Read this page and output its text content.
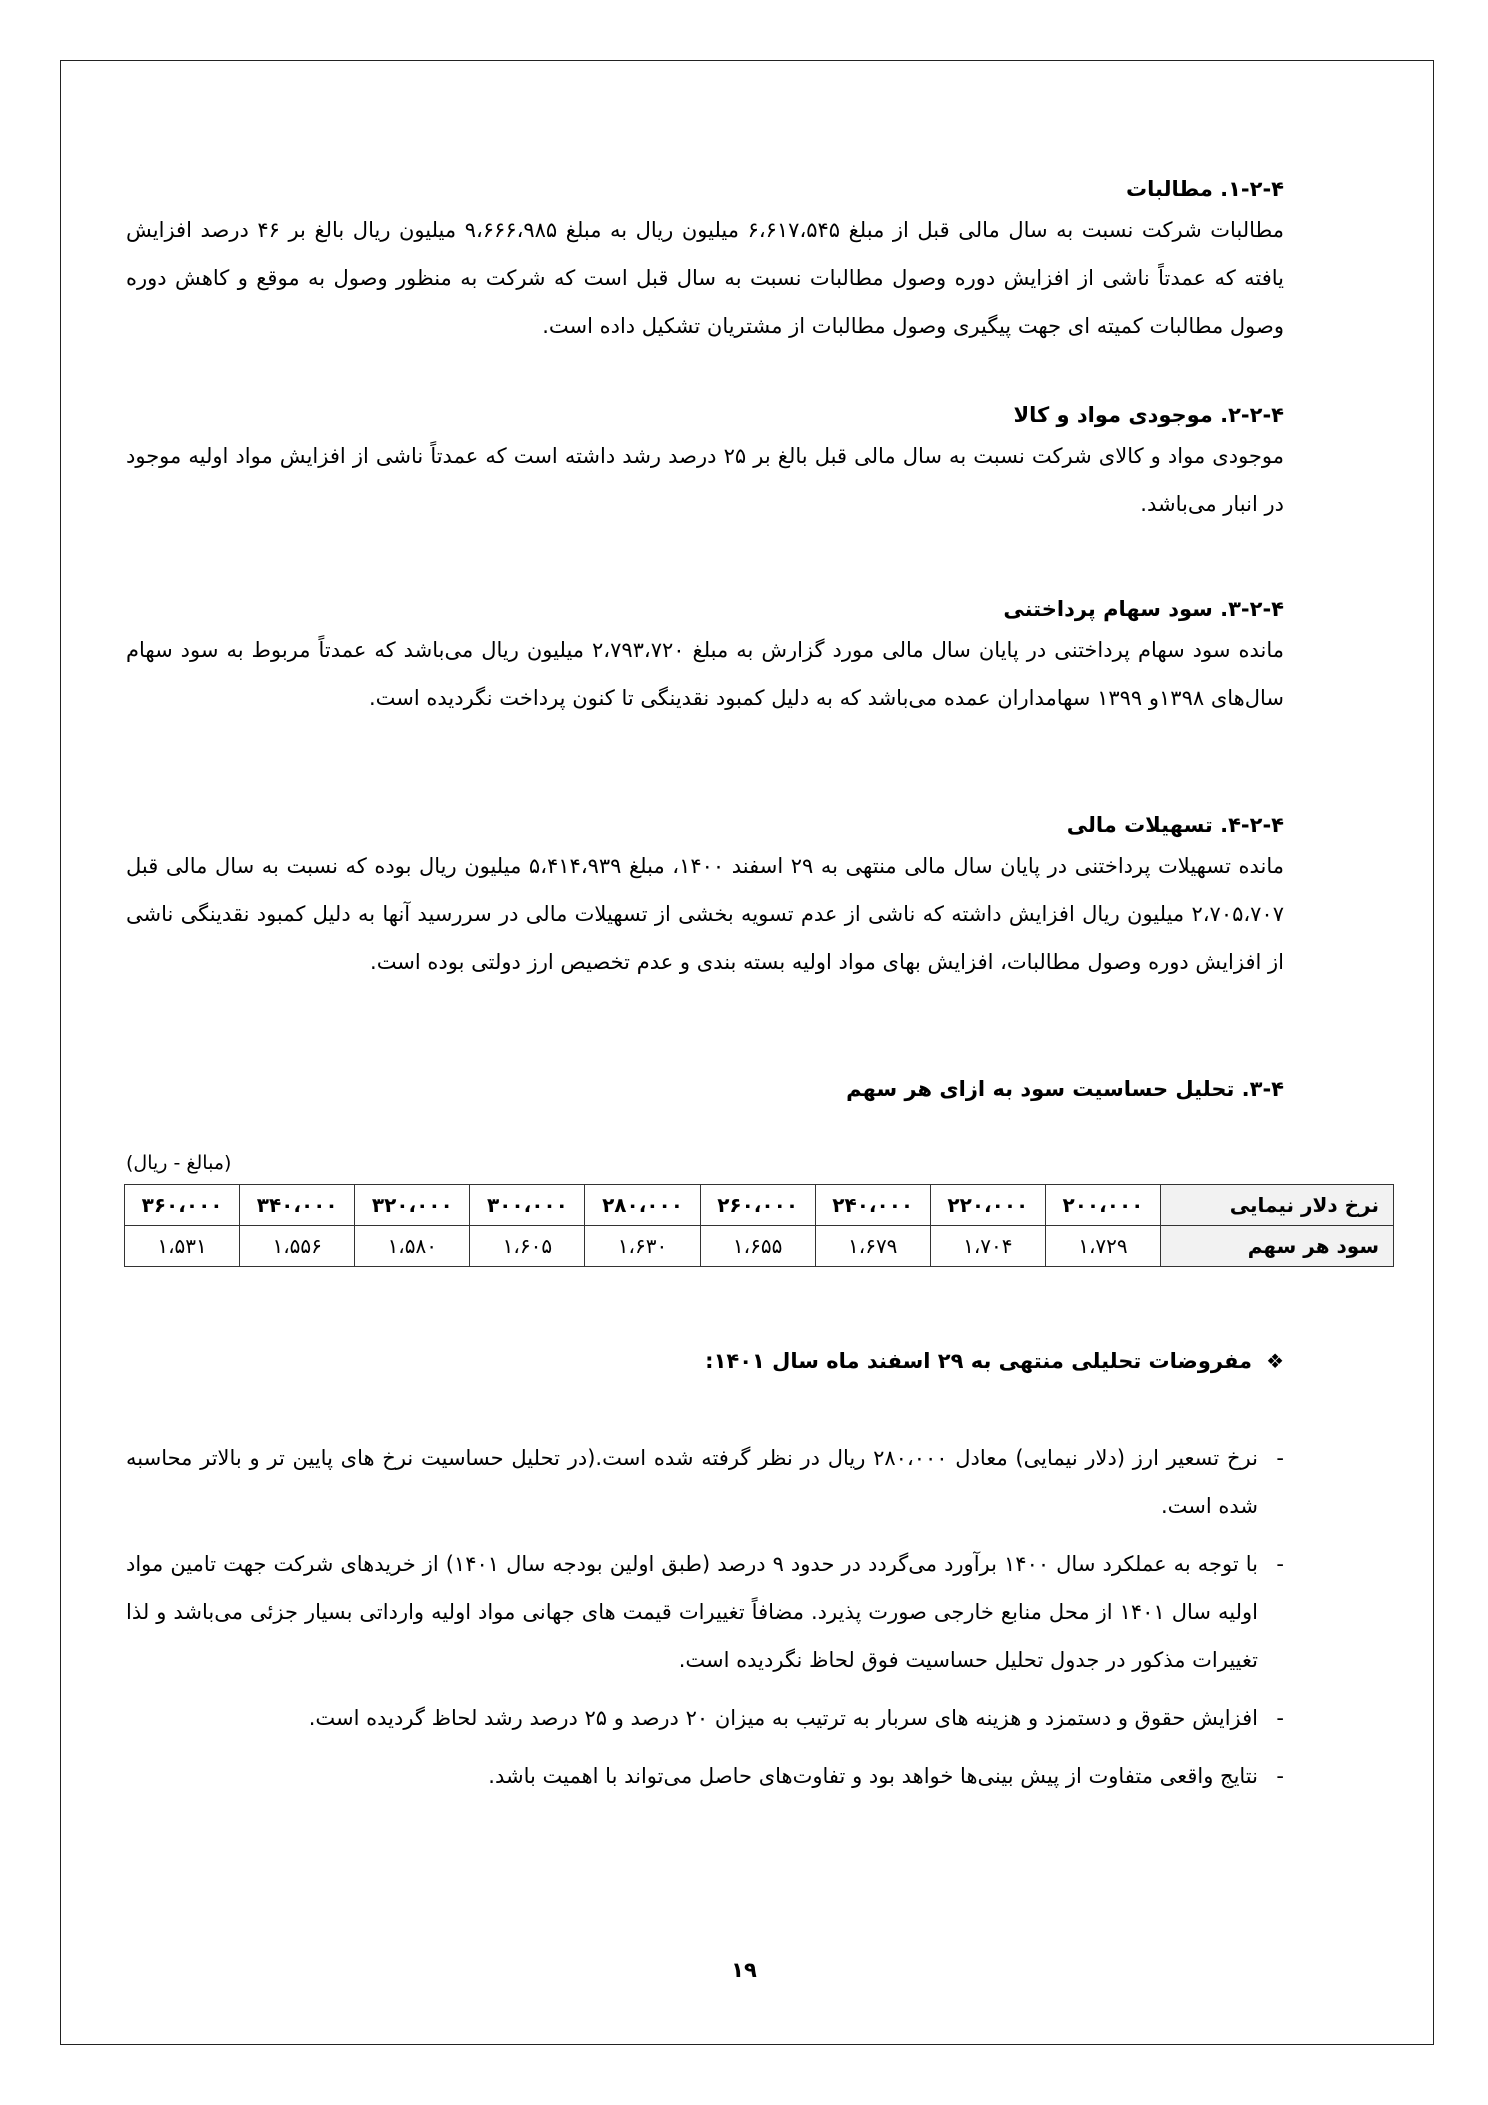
۱-۲-۴. مطالبات

مطالبات شرکت نسبت به سال مالی قبل از مبلغ ۶،۶۱۷،۵۴۵ میلیون ریال به مبلغ ۹،۶۶۶،۹۸۵ میلیون ریال بالغ بر ۴۶ درصد افزایش یافته که عمدتاً ناشی از افزایش دوره وصول مطالبات نسبت به سال قبل است که شرکت به منظور وصول به موقع و کاهش دوره وصول مطالبات کمیته ای جهت پیگیری وصول مطالبات از مشتریان تشکیل داده است.

۲-۲-۴. موجودی مواد و کالا

موجودی مواد و کالای شرکت نسبت به سال مالی قبل بالغ بر ۲۵ درصد رشد داشته است که عمدتاً ناشی از افزایش مواد اولیه موجود در انبار می‌باشد.

۳-۲-۴. سود سهام پرداختنی

مانده سود سهام پرداختنی در پایان سال مالی مورد گزارش به مبلغ ۲،۷۹۳،۷۲۰ میلیون ریال می‌باشد که عمدتاً مربوط به سود سهام سال‌های ۱۳۹۸و ۱۳۹۹ سهامداران عمده می‌باشد که به دلیل کمبود نقدینگی تا کنون پرداخت نگردیده است.

۴-۲-۴. تسهیلات مالی

مانده تسهیلات پرداختنی در پایان سال مالی منتهی به ۲۹ اسفند ۱۴۰۰، مبلغ ۵،۴۱۴،۹۳۹ میلیون ریال بوده که نسبت به سال مالی قبل ۲،۷۰۵،۷۰۷ میلیون ریال افزایش داشته که ناشی از عدم تسویه بخشی از تسهیلات مالی در سررسید آنها به دلیل کمبود نقدینگی ناشی از افزایش دوره وصول مطالبات، افزایش بهای مواد اولیه بسته بندی و عدم تخصیص ارز دولتی بوده است.

۳-۴. تحلیل حساسیت سود به ازای هر سهم

(مبالغ - ریال)
نرخ دلار نیمایی	۲۰۰،۰۰۰	۲۲۰،۰۰۰	۲۴۰،۰۰۰	۲۶۰،۰۰۰	۲۸۰،۰۰۰	۳۰۰،۰۰۰	۳۲۰،۰۰۰	۳۴۰،۰۰۰	۳۶۰،۰۰۰
سود هر سهم	۱،۷۲۹	۱،۷۰۴	۱،۶۷۹	۱،۶۵۵	۱،۶۳۰	۱،۶۰۵	۱،۵۸۰	۱،۵۵۶	۱،۵۳۱
❖مفروضات تحلیلی منتهی به ۲۹ اسفند ماه سال ۱۴۰۱:
-
نرخ تسعیر ارز (دلار نیمایی) معادل ۲۸۰،۰۰۰ ریال در نظر گرفته شده است.(در تحلیل حساسیت نرخ های پایین تر و بالاتر محاسبه شده است.
-
با توجه به عملکرد سال ۱۴۰۰ برآورد می‌گردد در حدود ۹ درصد (طبق اولین بودجه سال ۱۴۰۱) از خریدهای شرکت جهت تامین مواد اولیه سال ۱۴۰۱ از محل منابع خارجی صورت پذیرد. مضافاً تغییرات قیمت های جهانی مواد اولیه وارداتی بسیار جزئی می‌باشد و لذا تغییرات مذکور در جدول تحلیل حساسیت فوق لحاظ نگردیده است.
-
افزایش حقوق و دستمزد و هزینه های سربار به ترتیب به میزان ۲۰ درصد و ۲۵ درصد رشد لحاظ گردیده است.
-
نتایج واقعی متفاوت از پیش بینی‌ها خواهد بود و تفاوت‌های حاصل می‌تواند با اهمیت باشد.
۱۹
